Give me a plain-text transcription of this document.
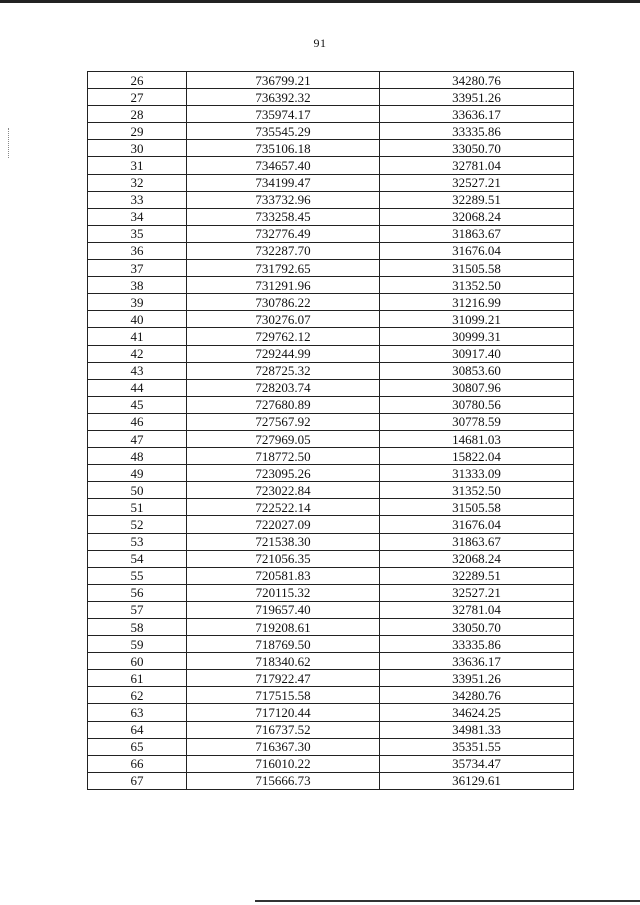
91
26	736799.21	34280.76
27	736392.32	33951.26
28	735974.17	33636.17
29	735545.29	33335.86
30	735106.18	33050.70
31	734657.40	32781.04
32	734199.47	32527.21
33	733732.96	32289.51
34	733258.45	32068.24
35	732776.49	31863.67
36	732287.70	31676.04
37	731792.65	31505.58
38	731291.96	31352.50
39	730786.22	31216.99
40	730276.07	31099.21
41	729762.12	30999.31
42	729244.99	30917.40
43	728725.32	30853.60
44	728203.74	30807.96
45	727680.89	30780.56
46	727567.92	30778.59
47	727969.05	14681.03
48	718772.50	15822.04
49	723095.26	31333.09
50	723022.84	31352.50
51	722522.14	31505.58
52	722027.09	31676.04
53	721538.30	31863.67
54	721056.35	32068.24
55	720581.83	32289.51
56	720115.32	32527.21
57	719657.40	32781.04
58	719208.61	33050.70
59	718769.50	33335.86
60	718340.62	33636.17
61	717922.47	33951.26
62	717515.58	34280.76
63	717120.44	34624.25
64	716737.52	34981.33
65	716367.30	35351.55
66	716010.22	35734.47
67	715666.73	36129.61
